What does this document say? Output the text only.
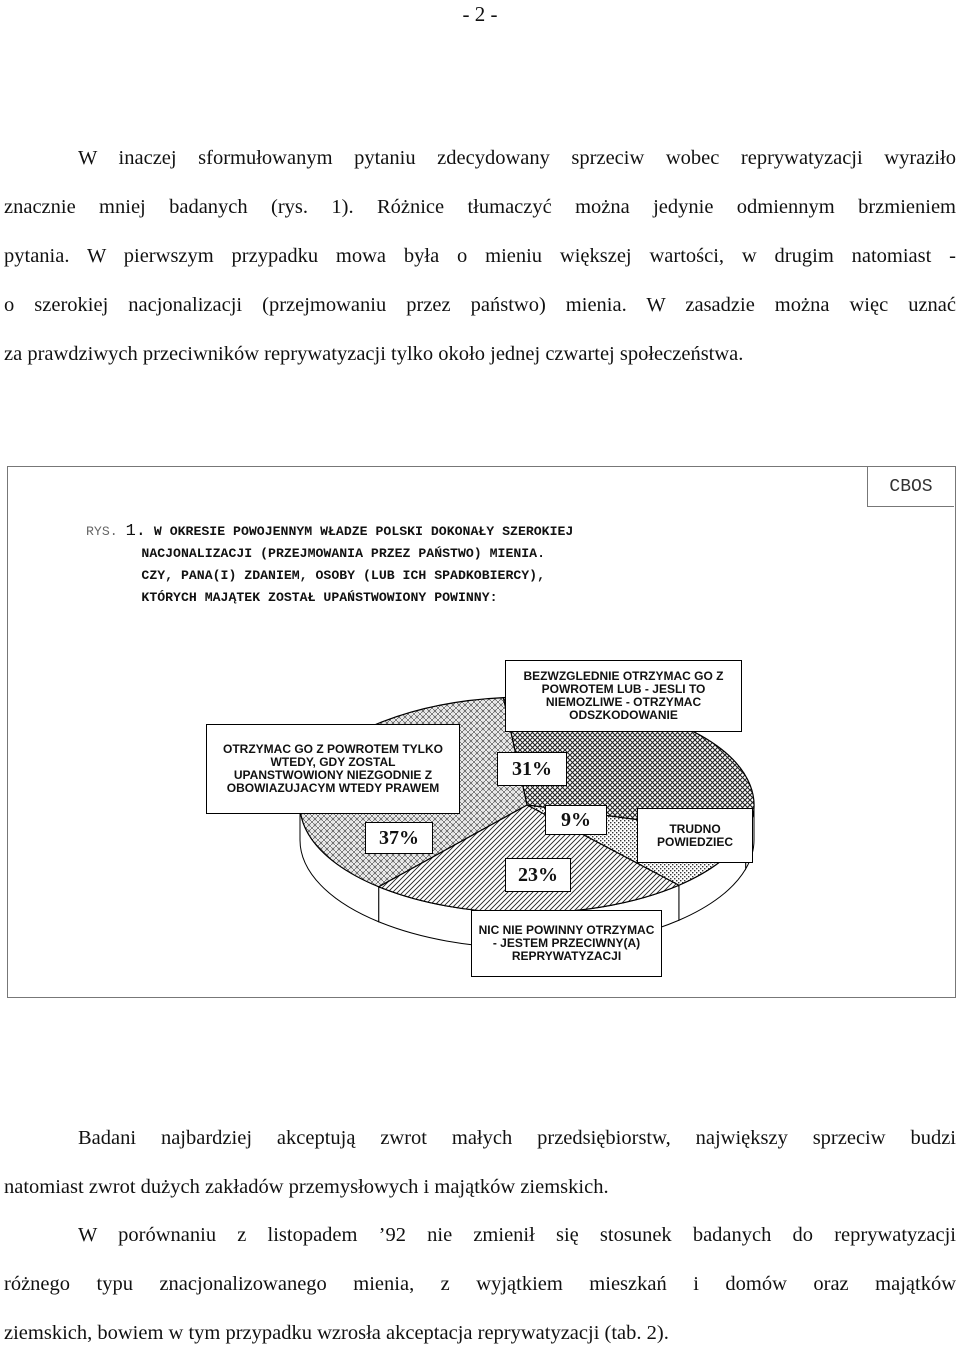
- 2 -

W inaczej sformułowanym pytaniu zdecydowany sprzeciw wobec reprywatyzacji wyraziło
znacznie mniej badanych (rys. 1). Różnice tłumaczyć można jedynie odmiennym brzmieniem
pytania. W pierwszym przypadku mowa była o mieniu większej wartości, w drugim natomiast -
o szerokiej nacjonalizacji (przejmowaniu przez państwo) mienia. W zasadzie można więc uznać
za prawdziwych przeciwników reprywatyzacji tylko około jednej czwartej społeczeństwa.

CBOS
RYS. 1. W OKRESIE POWOJENNYM WŁADZE POLSKI DOKONAŁY SZEROKIEJ
NACJONALIZACJI (PRZEJMOWANIA PRZEZ PAŃSTWO) MIENIA.
CZY, PANA(I) ZDANIEM, OSOBY (LUB ICH SPADKOBIERCY),
KTÓRYCH MAJĄTEK ZOSTAŁ UPAŃSTWOWIONY POWINNY:
BEZWZGLEDNIE OTRZYMAC GO Z POWROTEM LUB - JESLI TO NIEMOZLIWE - OTRZYMAC ODSZKODOWANIE
OTRZYMAC GO Z POWROTEM TYLKO WTEDY, GDY ZOSTAL UPANSTWOWIONY NIEZGODNIE Z OBOWIAZUJACYM WTEDY PRAWEM
TRUDNO POWIEDZIEC
NIC NIE POWINNY OTRZYMAC - JESTEM PRZECIWNY(A) REPRYWATYZACJI
31%
9%
23%
37%

Badani najbardziej akceptują zwrot małych przedsiębiorstw, największy sprzeciw budzi
natomiast zwrot dużych zakładów przemysłowych i majątków ziemskich.

W porównaniu z listopadem ’92 nie zmienił się stosunek badanych do reprywatyzacji
różnego typu znacjonalizowanego mienia, z wyjątkiem mieszkań i domów oraz majątków
ziemskich, bowiem w tym przypadku wzrosła akceptacja reprywatyzacji (tab. 2).
